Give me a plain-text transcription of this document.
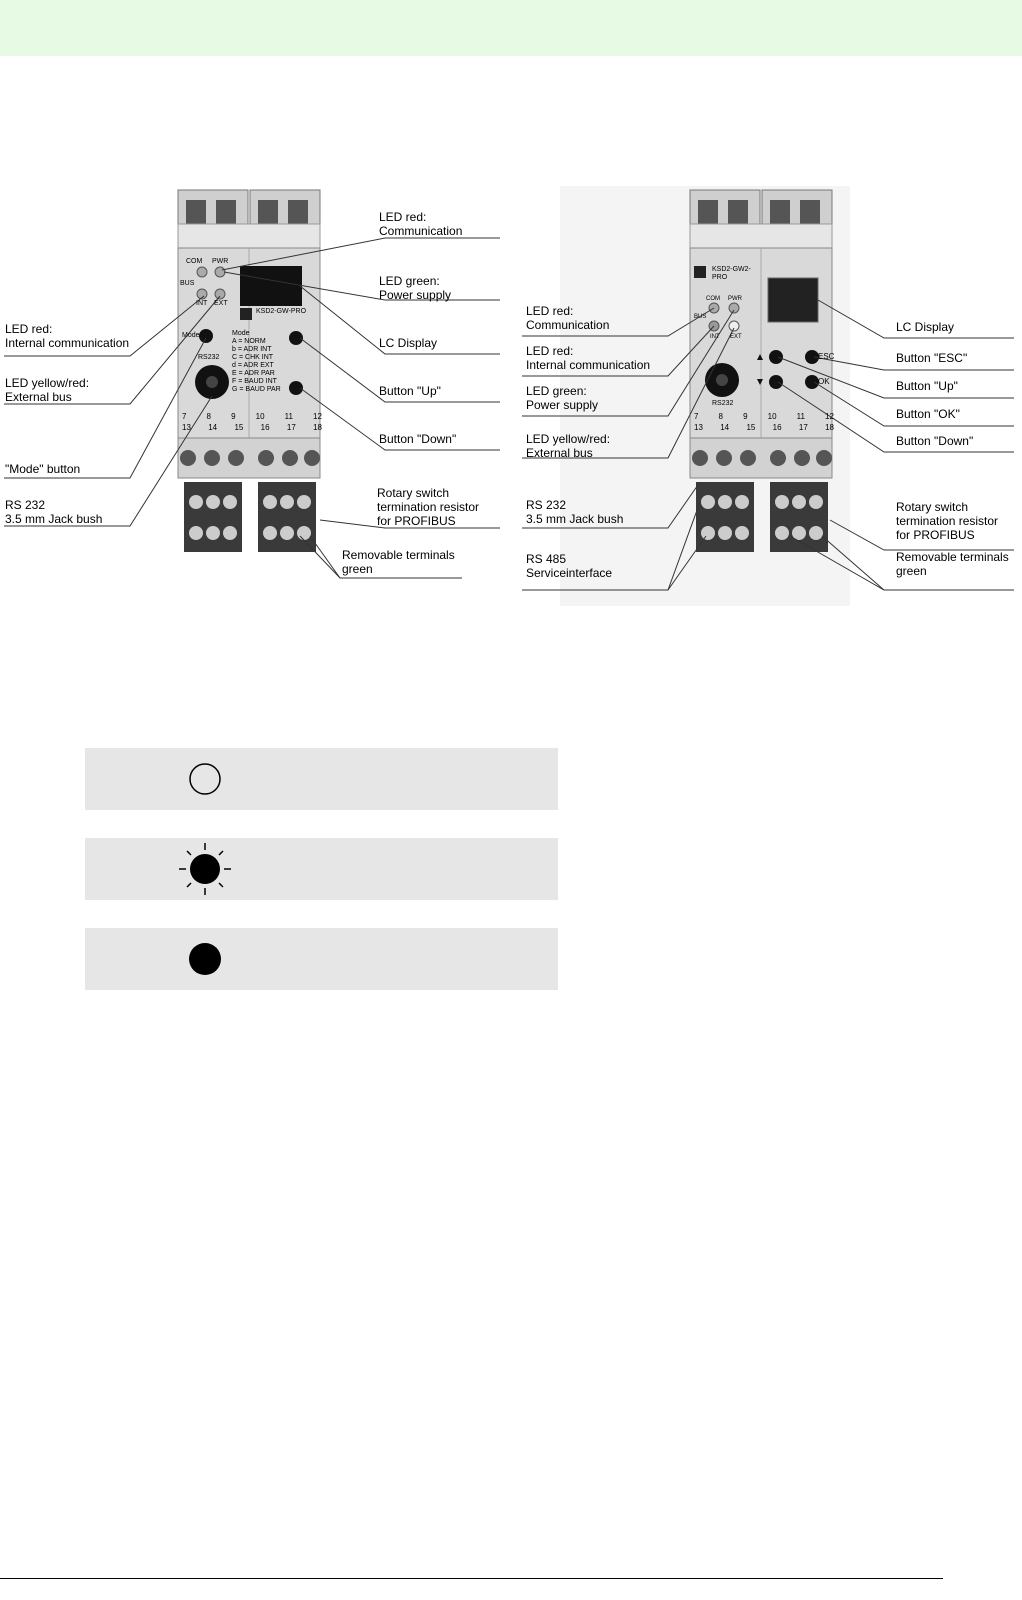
LED red:
Communication
LED green:
Power supply
LC Display
Button "Up"
Button "Down"
Rotary switch
termination resistor
for PROFIBUS
Removable terminals
green
LED red:
Internal communication
LED yellow/red:
External bus
"Mode" button
RS 232
3.5 mm Jack bush
COM PWR
BUS
INT EXT
KSD2-GW-PRO
Mode	Mode
A = NORM
b = ADR INT
C = CHK INT
d = ADR EXT
E = ADR PAR
F = BAUD INT
G = BAUD PAR
RS232
7	8	9	10	11	12
13 14 15 16 17 18
LED red:
Communication
LED red:
Internal communication
LED green:
Power supply
LED yellow/red:
External bus
RS 232
3.5 mm Jack bush
RS 485
Serviceinterface
LC Display
Button "ESC"
Button "Up"
Button "OK"
Button "Down"
Rotary switch
termination resistor
for PROFIBUS
Removable terminals
green
KSD2-GW2-
PRO
COM PWR
BUS
INT EXT
RS232
ESC
OK
7	8	9	10	11	12
13 14 15 16 17 18
